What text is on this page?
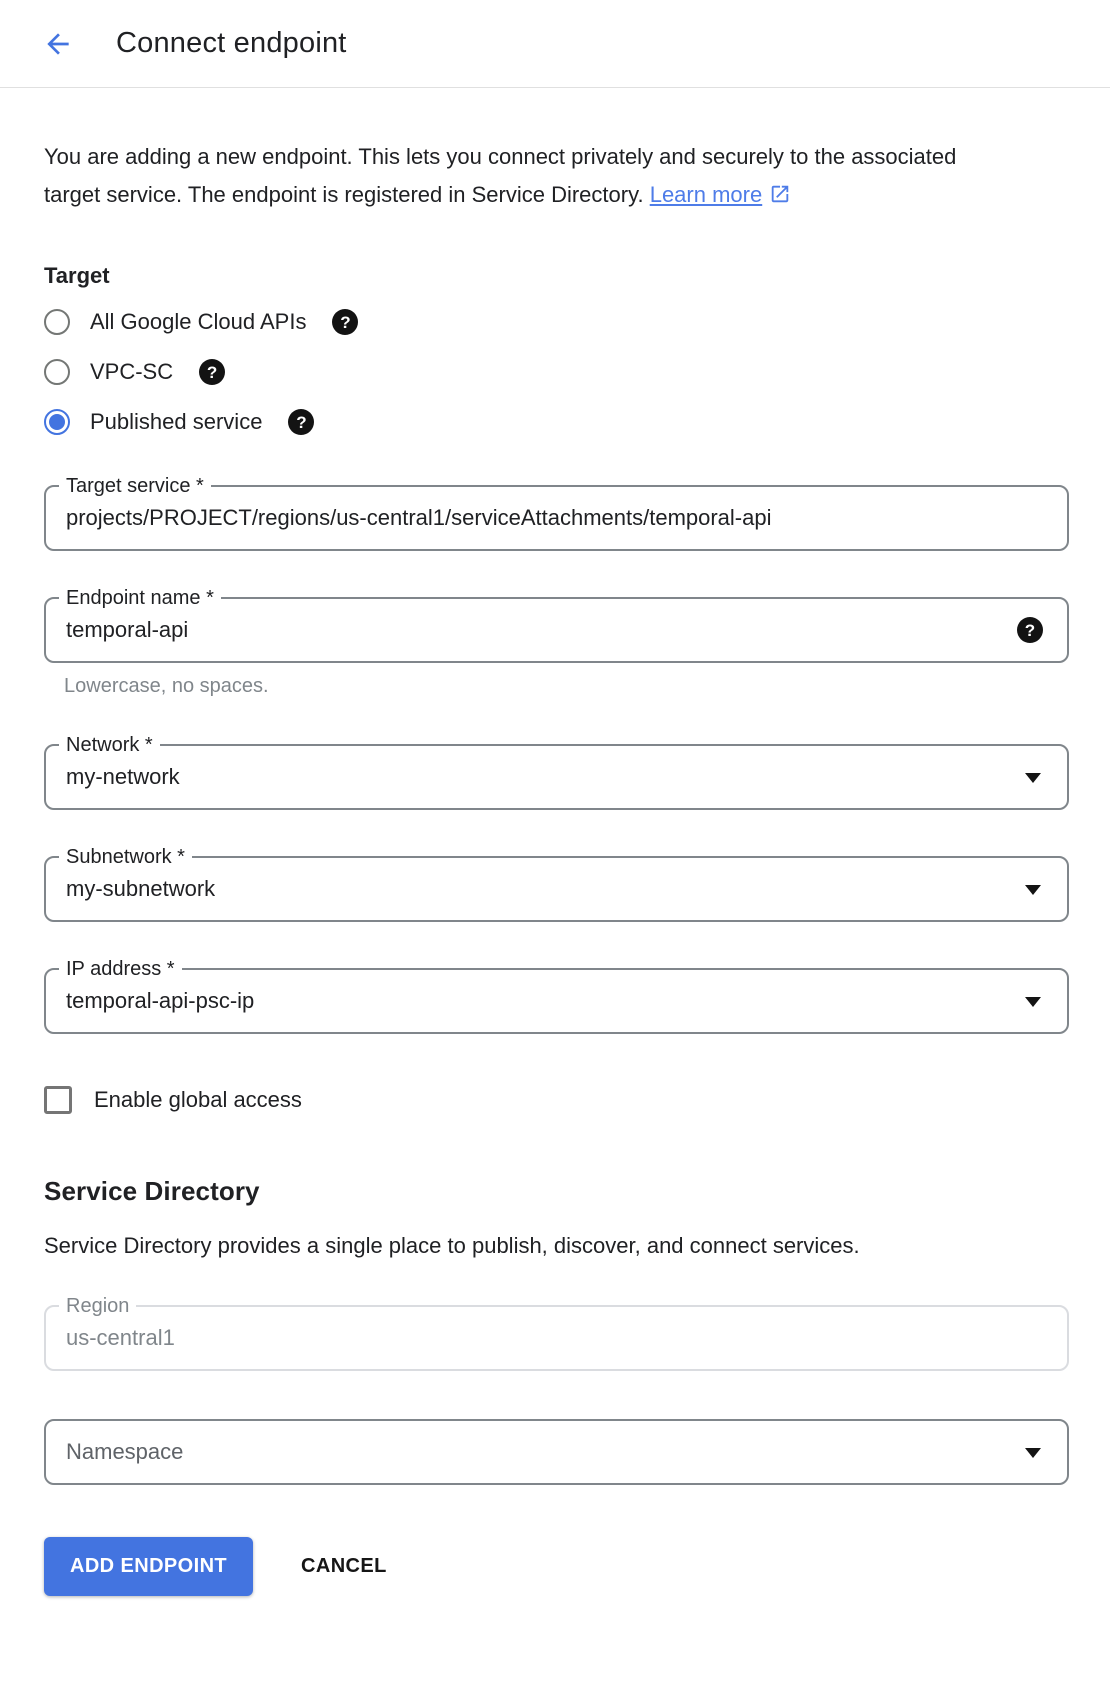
Connect endpoint

You are adding a new endpoint. This lets you connect privately and securely to the associated target service. The endpoint is registered in Service Directory. Learn more

Target
All Google Cloud APIs	?
VPC-SC	?
Published service	?
Target service *
projects/PROJECT/regions/us-central1/serviceAttachments/temporal-api
Endpoint name *
temporal-api	?
Lowercase, no spaces.
Network *
my-network
Subnetwork *
my-subnetwork
IP address *
temporal-api-psc-ip
Enable global access
Service Directory

Service Directory provides a single place to publish, discover, and connect services.

Region
us-central1
Namespace
ADD ENDPOINT	CANCEL
